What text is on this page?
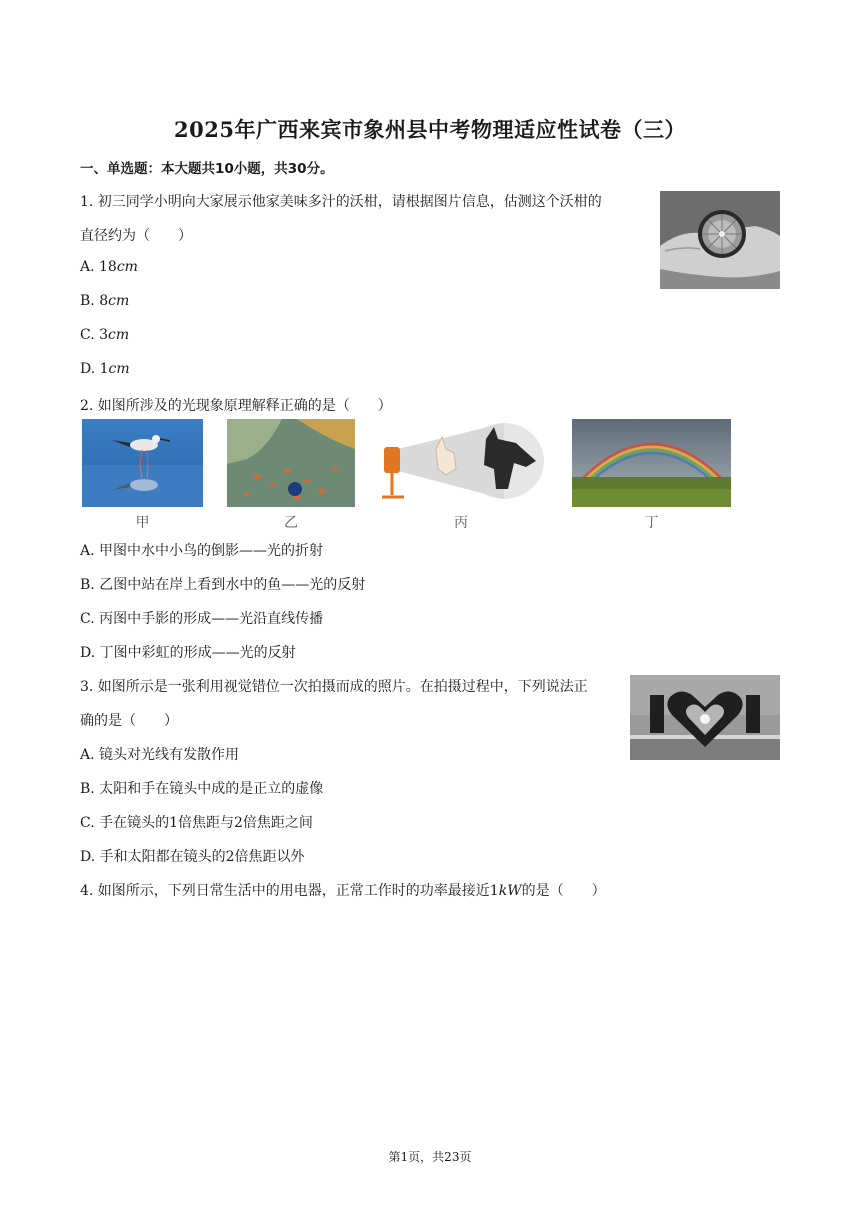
2025年广西来宾市象州县中考物理适应性试卷（三）
一、单选题：本大题共10小题，共30分。
1. 初三同学小明向大家展示他家美味多汁的沃柑，请根据图片信息，估测这个沃柑的
直径约为（　　）
A. 18cm
B. 8cm
C. 3cm
D. 1cm
2. 如图所涉及的光现象原理解释正确的是（　　）
甲	乙	丙	丁
A. 甲图中水中小鸟的倒影——光的折射
B. 乙图中站在岸上看到水中的鱼——光的反射
C. 丙图中手影的形成——光沿直线传播
D. 丁图中彩虹的形成——光的反射
3. 如图所示是一张利用视觉错位一次拍摄而成的照片。在拍摄过程中，下列说法正
确的是（　　）
A. 镜头对光线有发散作用
B. 太阳和手在镜头中成的是正立的虚像
C. 手在镜头的1倍焦距与2倍焦距之间
D. 手和太阳都在镜头的2倍焦距以外
4. 如图所示，下列日常生活中的用电器，正常工作时的功率最接近1kW的是（　　）
第1页，共23页
